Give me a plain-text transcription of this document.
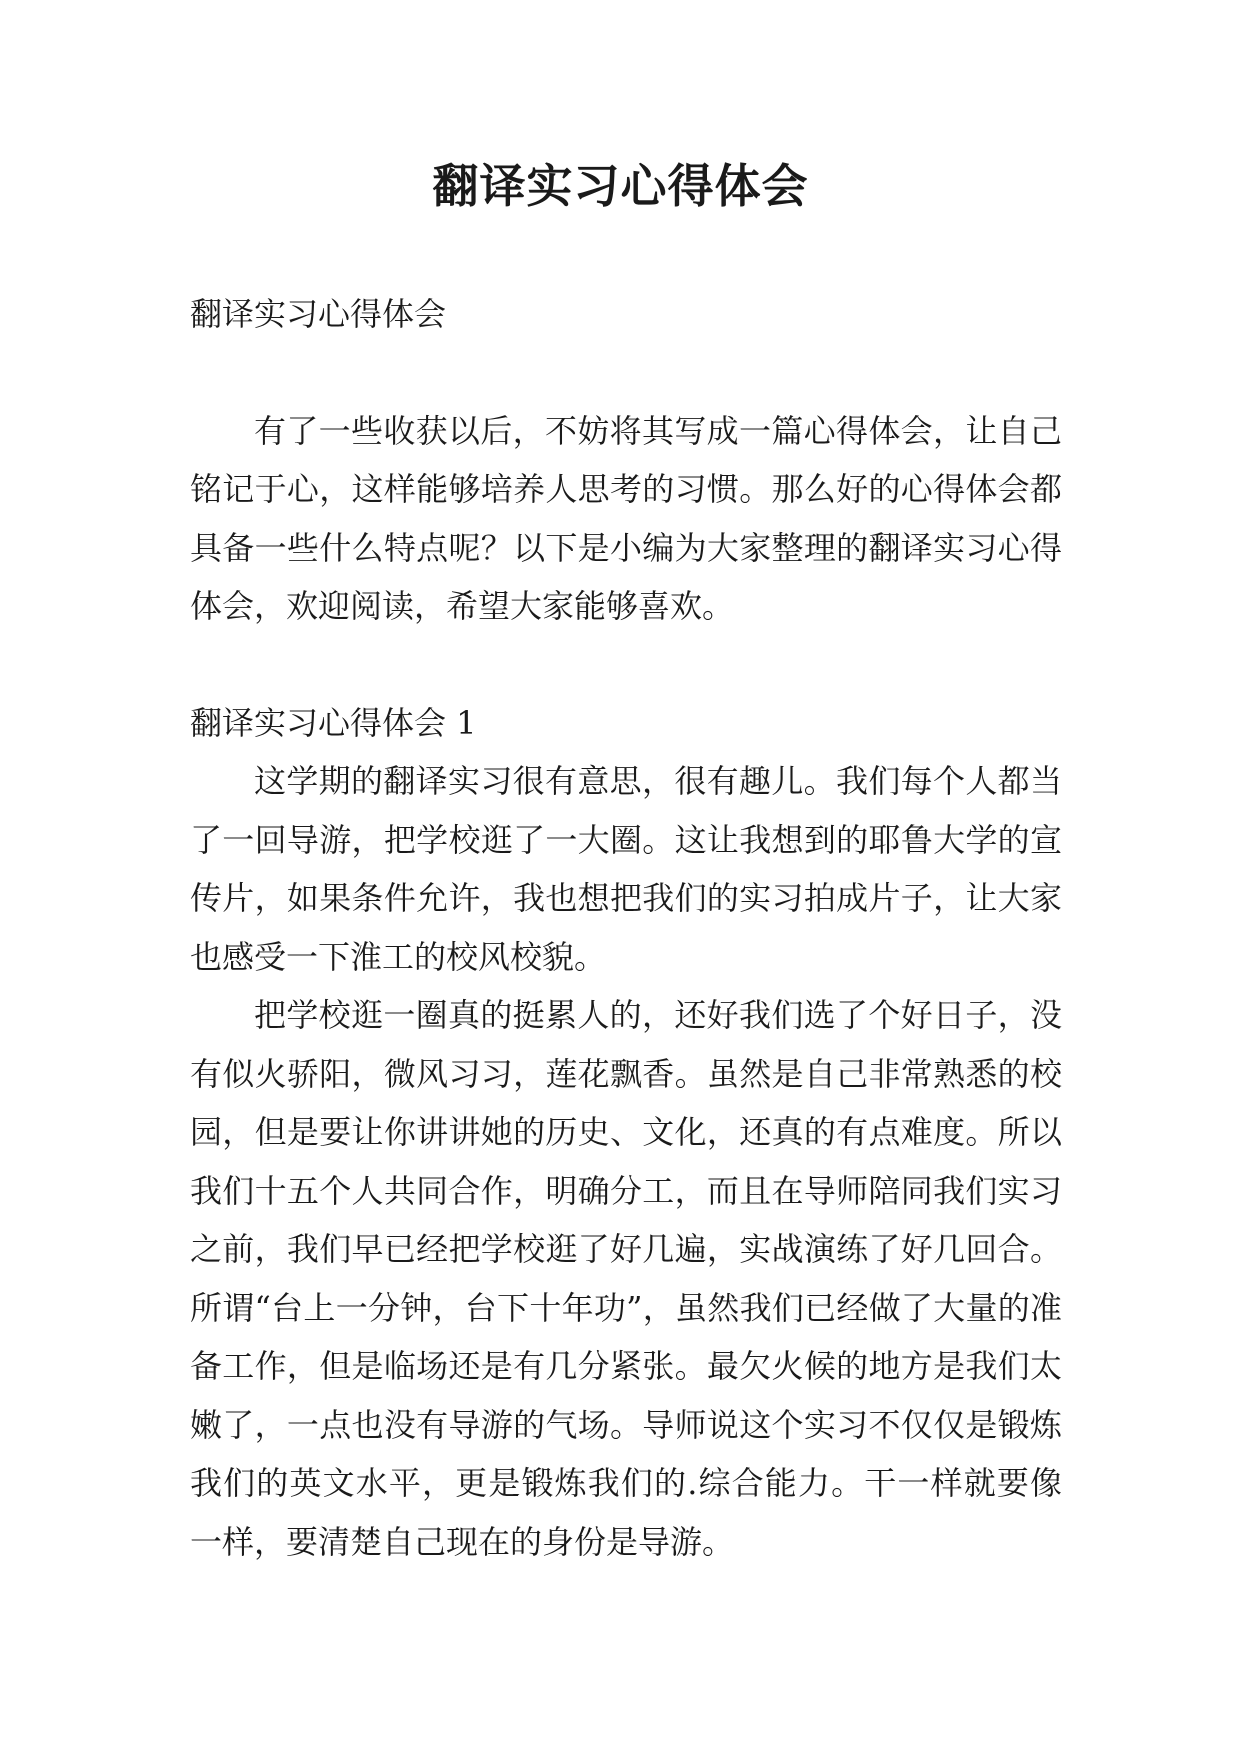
翻译实习心得体会

翻译实习心得体会

有了一些收获以后，不妨将其写成一篇心得体会，让自己铭记于心，这样能够培养人思考的习惯。那么好的心得体会都具备一些什么特点呢？以下是小编为大家整理的翻译实习心得体会，欢迎阅读，希望大家能够喜欢。

翻译实习心得体会 1

这学期的翻译实习很有意思，很有趣儿。我们每个人都当了一回导游，把学校逛了一大圈。这让我想到的耶鲁大学的宣传片，如果条件允许，我也想把我们的实习拍成片子，让大家也感受一下淮工的校风校貌。

把学校逛一圈真的挺累人的，还好我们选了个好日子，没有似火骄阳，微风习习，莲花飘香。虽然是自己非常熟悉的校园，但是要让你讲讲她的历史、文化，还真的有点难度。所以我们十五个人共同合作，明确分工，而且在导师陪同我们实习之前，我们早已经把学校逛了好几遍，实战演练了好几回合。所谓“台上一分钟，台下十年功”，虽然我们已经做了大量的准备工作，但是临场还是有几分紧张。最欠火候的地方是我们太嫩了，一点也没有导游的气场。导师说这个实习不仅仅是锻炼我们的英文水平，更是锻炼我们的.综合能力。干一样就要像一样，要清楚自己现在的身份是导游。
